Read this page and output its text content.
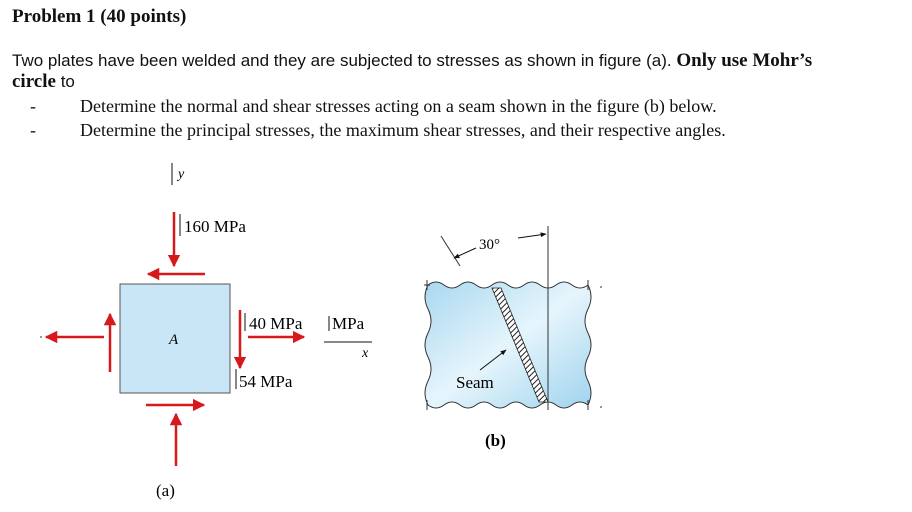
Problem 1 (40 points)
Two plates have been welded and they are subjected to stresses as shown in figure (a). Only use Mohr’s
circle to
- Determine the normal and shear stresses acting on a seam shown in the figure (b) below.
- Determine the principal stresses, the maximum shear stresses, and their respective angles.
y
160 MPa
A
40 MPa MPa
x
54 MPa
(a)
30°
Seam
(b)
